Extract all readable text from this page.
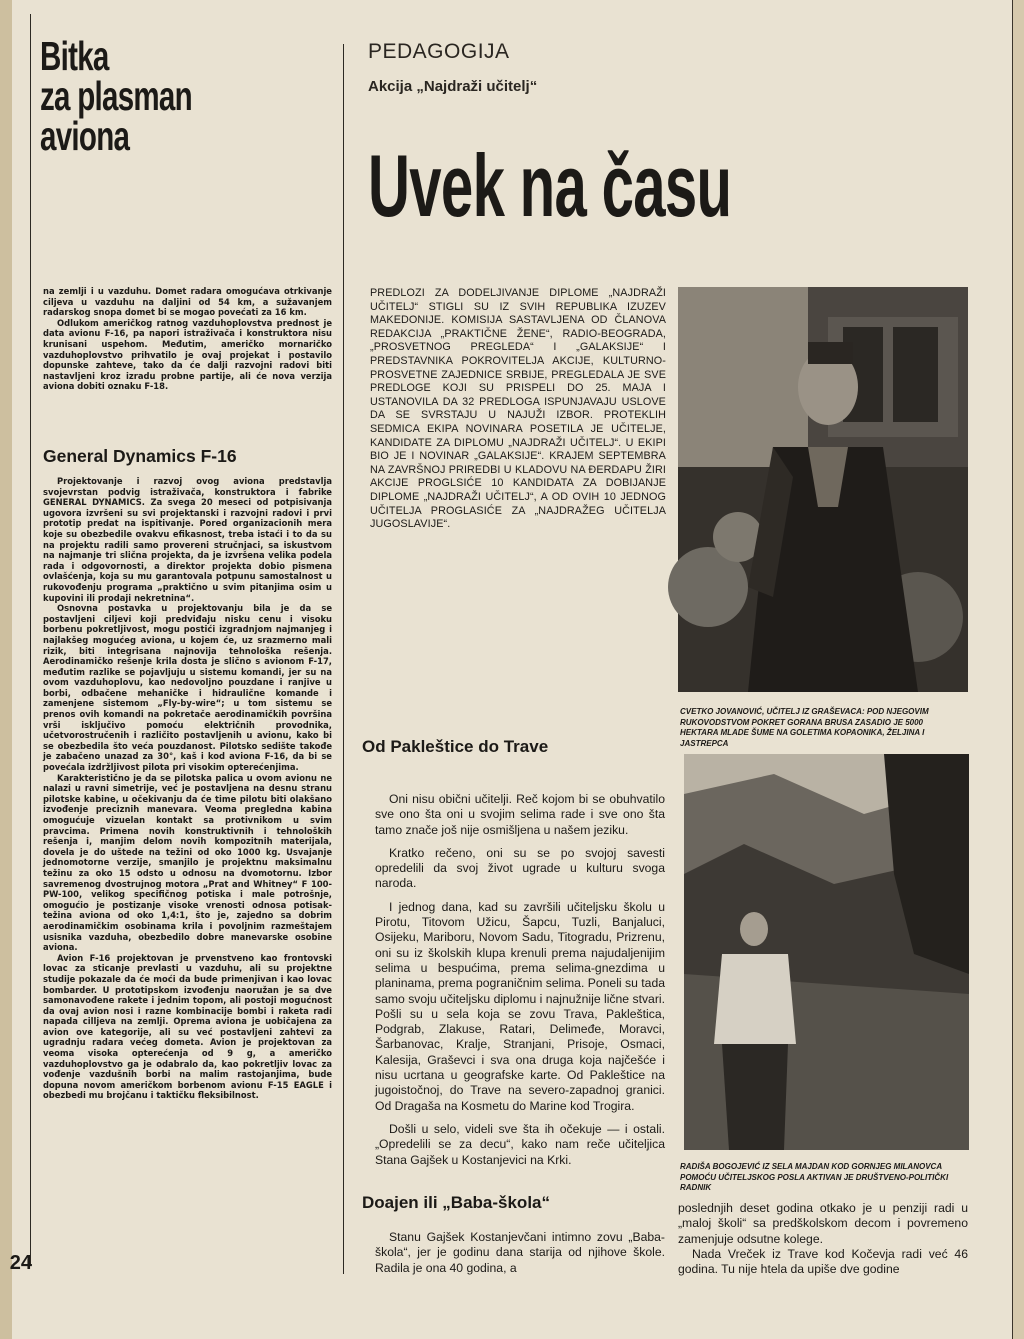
Bitka
za plasman
aviona

na zemlji i u vazduhu. Domet radara omogućava otrkivanje ciljeva u vazduhu na daljini od 54 km, a sužavanjem radarskog snopa domet bi se mogao povećati za 16 km.

Odlukom američkog ratnog vazduhoplovstva prednost je data avionu F-16, pa napori istraživača i konstruktora nisu krunisani uspehom. Međutim, američko mornaričko vazduhoplovstvo prihvatilo je ovaj projekat i postavilo dopunske zahteve, tako da će dalji razvojni radovi biti nastavljeni kroz izradu probne partije, ali će nova verzija aviona dobiti oznaku F-18.

General Dynamics F-16

Projektovanje i razvoj ovog aviona predstavlja svojevrstan podvig istraživača, konstruktora i fabrike GENERAL DYNAMICS. Za svega 20 meseci od potpisivanja ugovora izvršeni su svi projektanski i razvojni radovi i prvi prototip predat na ispitivanje. Pored organizacionih mera koje su obezbedile ovakvu efikasnost, treba istaći i to da su na projektu radili samo provereni stručnjaci, sa iskustvom na najmanje tri slična projekta, da je izvršena velika podela rada i odgovornosti, a direktor projekta dobio pismena ovlašćenja, koja su mu garantovala potpunu samostalnost u rukovođenju programa „praktično u svim pitanjima osim u kupovini ili prodaji nekretnina“.

Osnovna postavka u projektovanju bila je da se postavljeni ciljevi koji predviđaju nisku cenu i visoku borbenu pokretljivost, mogu postići izgradnjom najmanjeg i najlakšeg mogućeg aviona, u kojem će, uz srazmerno mali rizik, biti integrisana najnovija tehnološka rešenja. Aerodinamičko rešenje krila dosta je slično s avionom F-17, međutim razlike se pojavljuju u sistemu komandi, jer su na ovom vazduhoplovu, kao nedovoljno pouzdane i ranjive u borbi, odbačene mehaničke i hidraulične komande i zamenjene sistemom „Fly-by-wire“; u tom sistemu se prenos ovih komandi na pokretače aerodinamičkih površina vrši isključivo pomoću električnih provodnika, učetvorostručenih i različito postavljenih u avionu, kako bi se obezbedila što veća pouzdanost. Pilotsko sedište takođe je zabačeno unazad za 30°, kaš i kod aviona F-16, da bi se povećala izdržljivost pilota pri visokim opterećenjima.

Karakteristično je da se pilotska palica u ovom avionu ne nalazi u ravni simetrije, već je postavljena na desnu stranu pilotske kabine, u očekivanju da će time pilotu biti olakšano izvođenje preciznih manevara. Veoma pregledna kabina omogućuje vizuelan kontakt sa protivnikom u svim pravcima. Primena novih konstruktivnih i tehnoloških rešenja i, manjim delom novih kompozitnih materijala, dovela je do uštede na težini od oko 1000 kg. Usvajanje jednomotorne verzije, smanjilo je projektnu maksimalnu težinu za oko 15 odsto u odnosu na dvomotornu. Izbor savremenog dvostrujnog motora „Prat and Whitney“ F 100-PW-100, velikog specifičnog potiska i male potrošnje, omogućio je postizanje visoke vrenosti odnosa potisak-težina aviona od oko 1,4:1, što je, zajedno sa dobrim aerodinamičkim osobinama krila i povoljnim razmeštajem usisnika vazduha, obezbedilo dobre manevarske osobine aviona.

Avion F-16 projektovan je prvenstveno kao frontovski lovac za sticanje prevlasti u vazduhu, ali su projektne studije pokazale da će moći da bude primenjivan i kao lovac bombarder. U prototipskom izvođenju naoružan je sa dve samonavođene rakete i jednim topom, ali postoji mogućnost da ovaj avion nosi i razne kombinacije bombi i raketa radi napada cilljeva na zemlji. Oprema aviona je uobičajena za avion ove kategorije, ali su već postavljeni zahtevi za ugradnju radara većeg dometa. Avion je projektovan za veoma visoka opterećenja od 9 g, a američko vazduhoplovstvo ga je odabralo da, kao pokretljiv lovac za vođenje vazdušnih borbi na malim rastojanjima, bude dopuna novom američkom borbenom avionu F-15 EAGLE i obezbedi mu brojčanu i taktičku fleksibilnost.

24
PEDAGOGIJA
Akcija „Najdraži učitelj“
Uvek na času
PREDLOZI ZA DODELJIVANJE DIPLOME „NAJDRAŽI UČITELJ“ STIGLI SU IZ SVIH REPUBLIKA IZUZEV MAKEDONIJE. KOMISIJA SASTAVLJENA OD ČLANOVA REDAKCIJA „PRAKTIČNE ŽENE“, RADIO-BEOGRADA,„PROSVETNOG PREGLEDA“ I „GALAKSIJE“ I PREDSTAVNIKA POKROVITELJA AKCIJE, KULTURNO-PROSVETNE ZAJEDNICE SRBIJE, PREGLEDALA JE SVE PREDLOGE KOJI SU PRISPELI DO 25. MAJA I USTANOVILA DA 32 PREDLOGA ISPUNJAVAJU USLOVE DA SE SVRSTAJU U NAJUŽI IZBOR. PROTEKLIH SEDMICA EKIPA NOVINARA POSETILA JE UČITELJE, KANDIDATE ZA DIPLOMU „NAJDRAŽI UČITELJ“. U EKIPI BIO JE I NOVINAR „GALAKSIJE“. KRAJEM SEPTEMBRA NA ZAVRŠNOJ PRIREDBI U KLADOVU NA ĐERDAPU ŽIRI AKCIJE PROGLSIĆE 10 KANDIDATA ZA DOBIJANJE DIPLOME „NAJDRAŽI UČITELJ“, A OD OVIH 10 JEDNOG UČITELJA PROGLASIĆE ZA „NAJDRAŽEG UČITELJA JUGOSLAVIJE“.
CVETKO JOVANOVIĆ, UČITELJ IZ GRAŠEVACA: POD NJEGOVIM RUKOVODSTVOM POKRET GORANA BRUSA ZASADIO JE 5000 HEKTARA MLADE ŠUME NA GOLETIMA KOPAONIKA, ŽELJINA I JASTREPCA
Od Pakleštice do Trave

Oni nisu obični učitelji. Reč kojom bi se obuhvatilo sve ono šta oni u svojim selima rade i sve ono šta tamo znače još nije osmišljena u našem jeziku.

Kratko rečeno, oni su se po svojoj savesti opredelili da svoj život ugrade u kulturu svoga naroda.

I jednog dana, kad su završili učiteljsku školu u Pirotu, Titovom Užicu, Šapcu, Tuzli, Banjaluci, Osijeku, Mariboru, Novom Sadu, Titogradu, Prizrenu, oni su iz školskih klupa krenuli prema najudaljenijim selima u bespućima, prema selima-gnezdima u planinama, prema pograničnim selima. Poneli su tada samo svoju učiteljsku diplomu i najnužnije lične stvari. Pošli su u sela koja se zovu Trava, Pakleštica, Podgrab, Zlakuse, Ratari, Delimeđe, Moravci, Šarbanovac, Kralje, Stranjani, Prisoje, Osmaci, Kalesija, Graševci i sva ona druga koja najčešće i nisu ucrtana u geografske karte. Od Pakleštice na jugoistočnoj, do Trave na severo-zapadnoj granici. Od Dragaša na Kosmetu do Marine kod Trogira.

Došli u selo, videli sve šta ih očekuje — i ostali. „Opredelili se za decu“, kako nam reče učiteljica Stana Gajšek u Kostanjevici na Krki.	RADIŠA BOGOJEVIĆ IZ SELA MAJDAN KOD GORNJEG MILANOVCA POMOĆU UČITELJSKOG POSLA AKTIVAN JE DRUŠTVENO-POLITIČKI RADNIK
Doajen ili „Baba-škola“

Stanu Gajšek Kostanjevčani intimno zovu „Baba-škola“, jer je godinu dana starija od njihove škole. Radila je ona 40 godina, a

poslednjih deset godina otkako je u penziji radi u „maloj školi“ sa predškolskom decom i povremeno zamenjuje odsutne kolege.

Nada Vreček iz Trave kod Kočevja radi već 46 godina. Tu nije htela da upiše dve godine
